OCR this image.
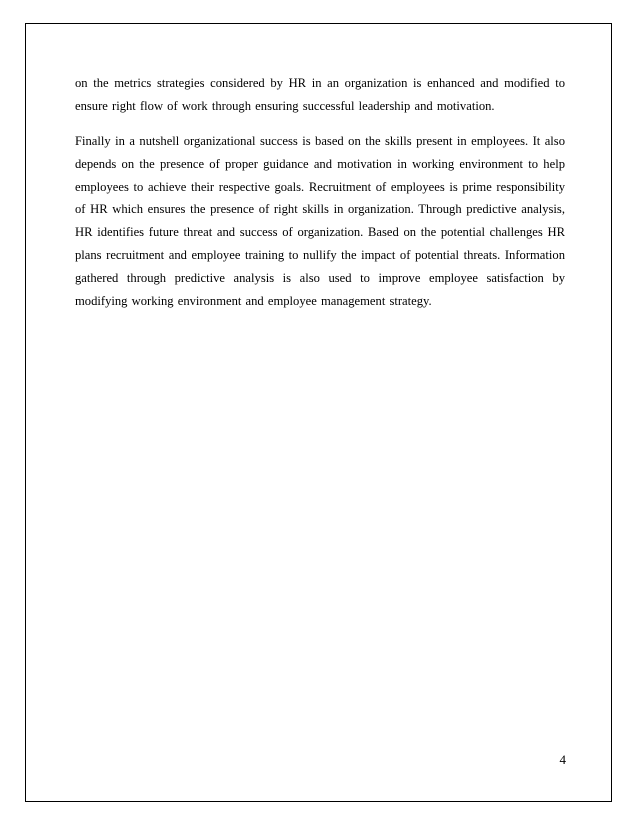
on the metrics strategies considered by HR in an organization is enhanced and modified to ensure right flow of work through ensuring successful leadership and motivation.

Finally in a nutshell organizational success is based on the skills present in employees. It also depends on the presence of proper guidance and motivation in working environment to help employees to achieve their respective goals. Recruitment of employees is prime responsibility of HR which ensures the presence of right skills in organization. Through predictive analysis, HR identifies future threat and success of organization. Based on the potential challenges HR plans recruitment and employee training to nullify the impact of potential threats. Information gathered through predictive analysis is also used to improve employee satisfaction by modifying working environment and employee management strategy.

4
